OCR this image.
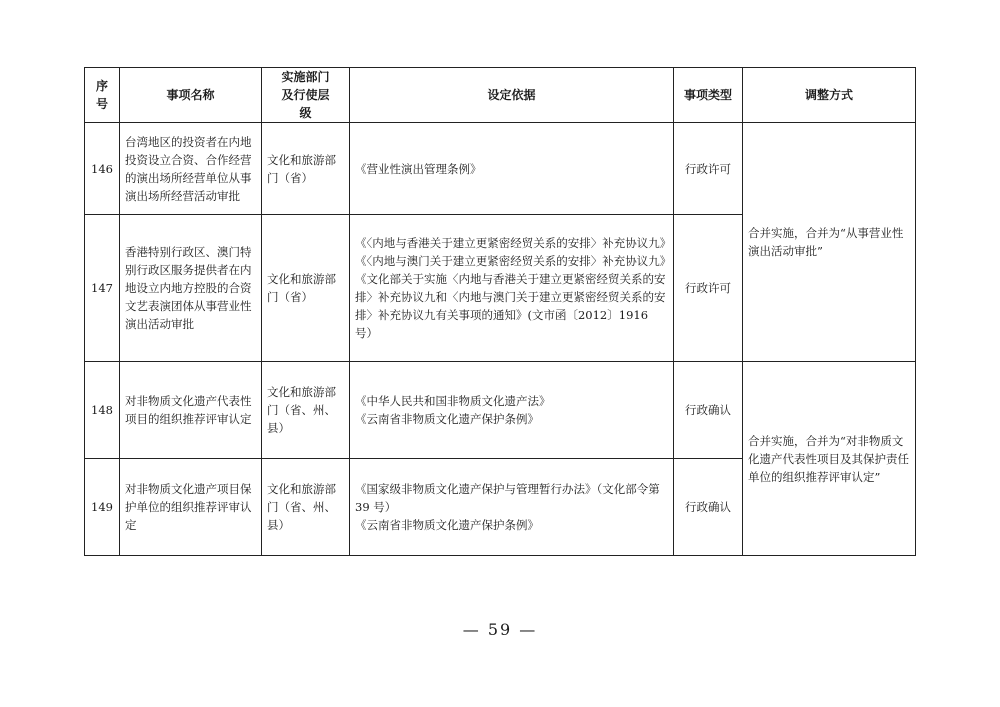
序号	事项名称	实施部门及行使层级	设定依据	事项类型	调整方式
146	台湾地区的投资者在内地投资设立合资、合作经营的演出场所经营单位从事演出场所经营活动审批	文化和旅游部门（省）	《营业性演出管理条例》	行政许可	合并实施，合并为“从事营业性演出活动审批”
147	香港特别行政区、澳门特别行政区服务提供者在内地设立内地方控股的合资文艺表演团体从事营业性演出活动审批	文化和旅游部门（省）	《〈内地与香港关于建立更紧密经贸关系的安排〉补充协议九》
《〈内地与澳门关于建立更紧密经贸关系的安排〉补充协议九》
《文化部关于实施〈内地与香港关于建立更紧密经贸关系的安排〉补充协议九和〈内地与澳门关于建立更紧密经贸关系的安排〉补充协议九有关事项的通知》(文市函〔2012〕1916 号）	行政许可	
148	对非物质文化遗产代表性项目的组织推荐评审认定	文化和旅游部门（省、州、县）	《中华人民共和国非物质文化遗产法》
《云南省非物质文化遗产保护条例》	行政确认	合并实施，合并为“对非物质文化遗产代表性项目及其保护责任单位的组织推荐评审认定”
149	对非物质文化遗产项目保护单位的组织推荐评审认定	文化和旅游部门（省、州、县）	《国家级非物质文化遗产保护与管理暂行办法》（文化部令第 39 号）
《云南省非物质文化遗产保护条例》	行政确认	
— 59 —
